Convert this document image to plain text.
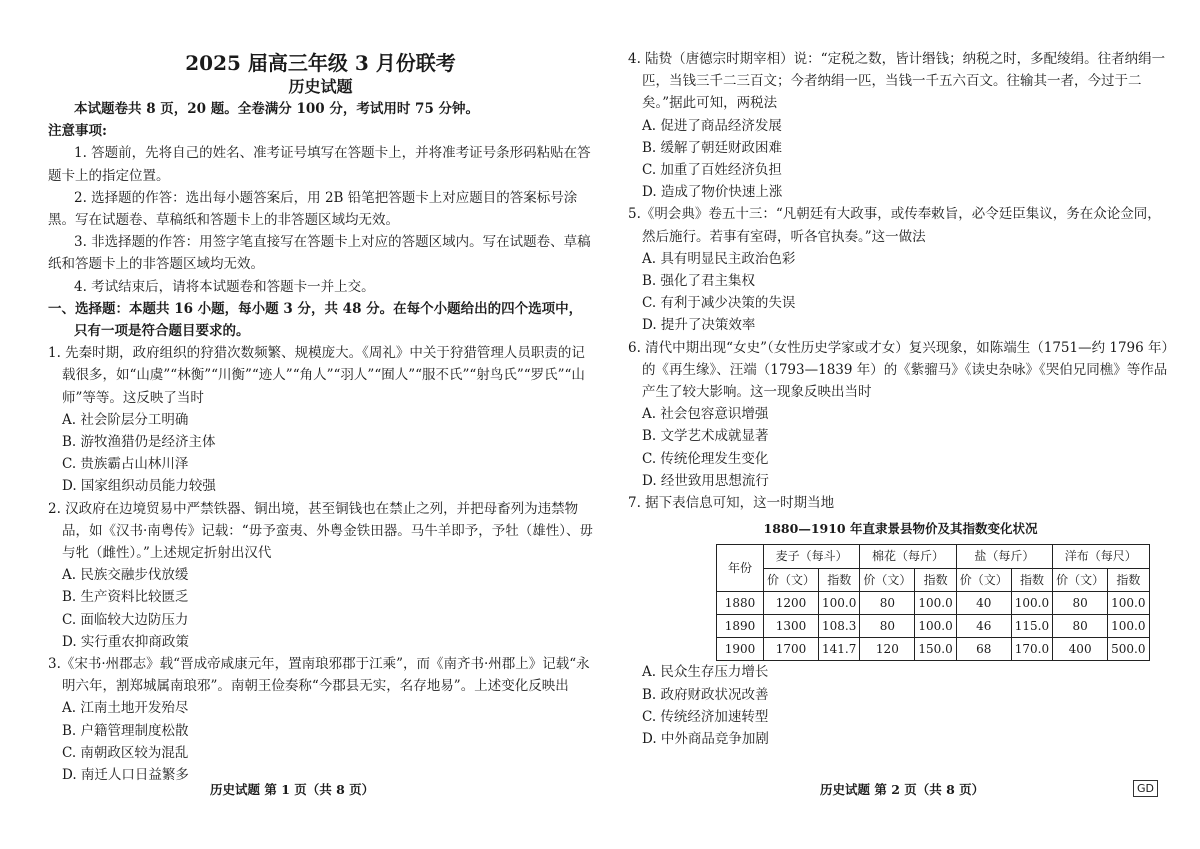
2025 届高三年级 3 月份联考
历史试题

本试题卷共 8 页，20 题。全卷满分 100 分，考试用时 75 分钟。

注意事项:

1. 答题前，先将自己的姓名、准考证号填写在答题卡上，并将准考证号条形码粘贴在答题卡上的指定位置。

2. 选择题的作答：选出每小题答案后，用 2B 铅笔把答题卡上对应题目的答案标号涂黑。写在试题卷、草稿纸和答题卡上的非答题区域均无效。

3. 非选择题的作答：用签字笔直接写在答题卡上对应的答题区域内。写在试题卷、草稿纸和答题卡上的非答题区域均无效。

4. 考试结束后，请将本试题卷和答题卡一并上交。

一、选择题：本题共 16 小题，每小题 3 分，共 48 分。在每个小题给出的四个选项中，只有一项是符合题目要求的。

1. 先秦时期，政府组织的狩猎次数频繁、规模庞大。《周礼》中关于狩猎管理人员职责的记载很多，如“山虞”“林衡”“川衡”“迹人”“角人”“羽人”“囿人”“服不氏”“射鸟氏”“罗氏”“山师”等等。这反映了当时

A. 社会阶层分工明确

B. 游牧渔猎仍是经济主体

C. 贵族霸占山林川泽

D. 国家组织动员能力较强

2. 汉政府在边境贸易中严禁铁器、铜出境，甚至铜钱也在禁止之列，并把母畜列为违禁物品，如《汉书·南粤传》记载：“毋予蛮夷、外粤金铁田器。马牛羊即予，予牡（雄性）、毋与牝（雌性）。”上述规定折射出汉代

A. 民族交融步伐放缓

B. 生产资料比较匮乏

C. 面临较大边防压力

D. 实行重农抑商政策

3.《宋书·州郡志》载“晋成帝咸康元年，置南琅邪郡于江乘”，而《南齐书·州郡上》记载“永明六年，割郑城属南琅邪”。南朝王俭奏称“今郡县无实，名存地易”。上述变化反映出

A. 江南土地开发殆尽

B. 户籍管理制度松散

C. 南朝政区较为混乱

D. 南迁人口日益繁多

4. 陆贽（唐德宗时期宰相）说：“定税之数，皆计缗钱；纳税之时，多配绫绢。往者纳绢一匹，当钱三千二三百文；今者纳绢一匹，当钱一千五六百文。往输其一者，今过于二矣。”据此可知，两税法

A. 促进了商品经济发展

B. 缓解了朝廷财政困难

C. 加重了百姓经济负担

D. 造成了物价快速上涨

5.《明会典》卷五十三：“凡朝廷有大政事，或传奉敕旨，必令廷臣集议，务在众论佥同，然后施行。若事有室碍，听各官执奏。”这一做法

A. 具有明显民主政治色彩

B. 强化了君主集权

C. 有利于减少决策的失误

D. 提升了决策效率

6. 清代中期出现“女史”（女性历史学家或才女）复兴现象，如陈端生（1751—约 1796 年）的《再生缘》、汪端（1793—1839 年）的《紫骝马》《读史杂咏》《哭伯兄同樵》等作品产生了较大影响。这一现象反映出当时

A. 社会包容意识增强

B. 文学艺术成就显著

C. 传统伦理发生变化

D. 经世致用思想流行

7. 据下表信息可知，这一时期当地

1880—1910 年直隶景县物价及其指数变化状况
年份	麦子（每斗）		棉花（每斤）		盐（每斤）		洋布（每尺）	
	价（文）	指数	价（文）	指数	价（文）	指数	价（文）	指数
1880	1200	100.0	80	100.0	40	100.0	80	100.0
1890	1300	108.3	80	100.0	46	115.0	80	100.0
1900	1700	141.7	120	150.0	68	170.0	400	500.0

A. 民众生存压力增长

B. 政府财政状况改善

C. 传统经济加速转型

D. 中外商品竞争加剧

历史试题 第 1 页（共 8 页）	历史试题 第 2 页（共 8 页）	GD
